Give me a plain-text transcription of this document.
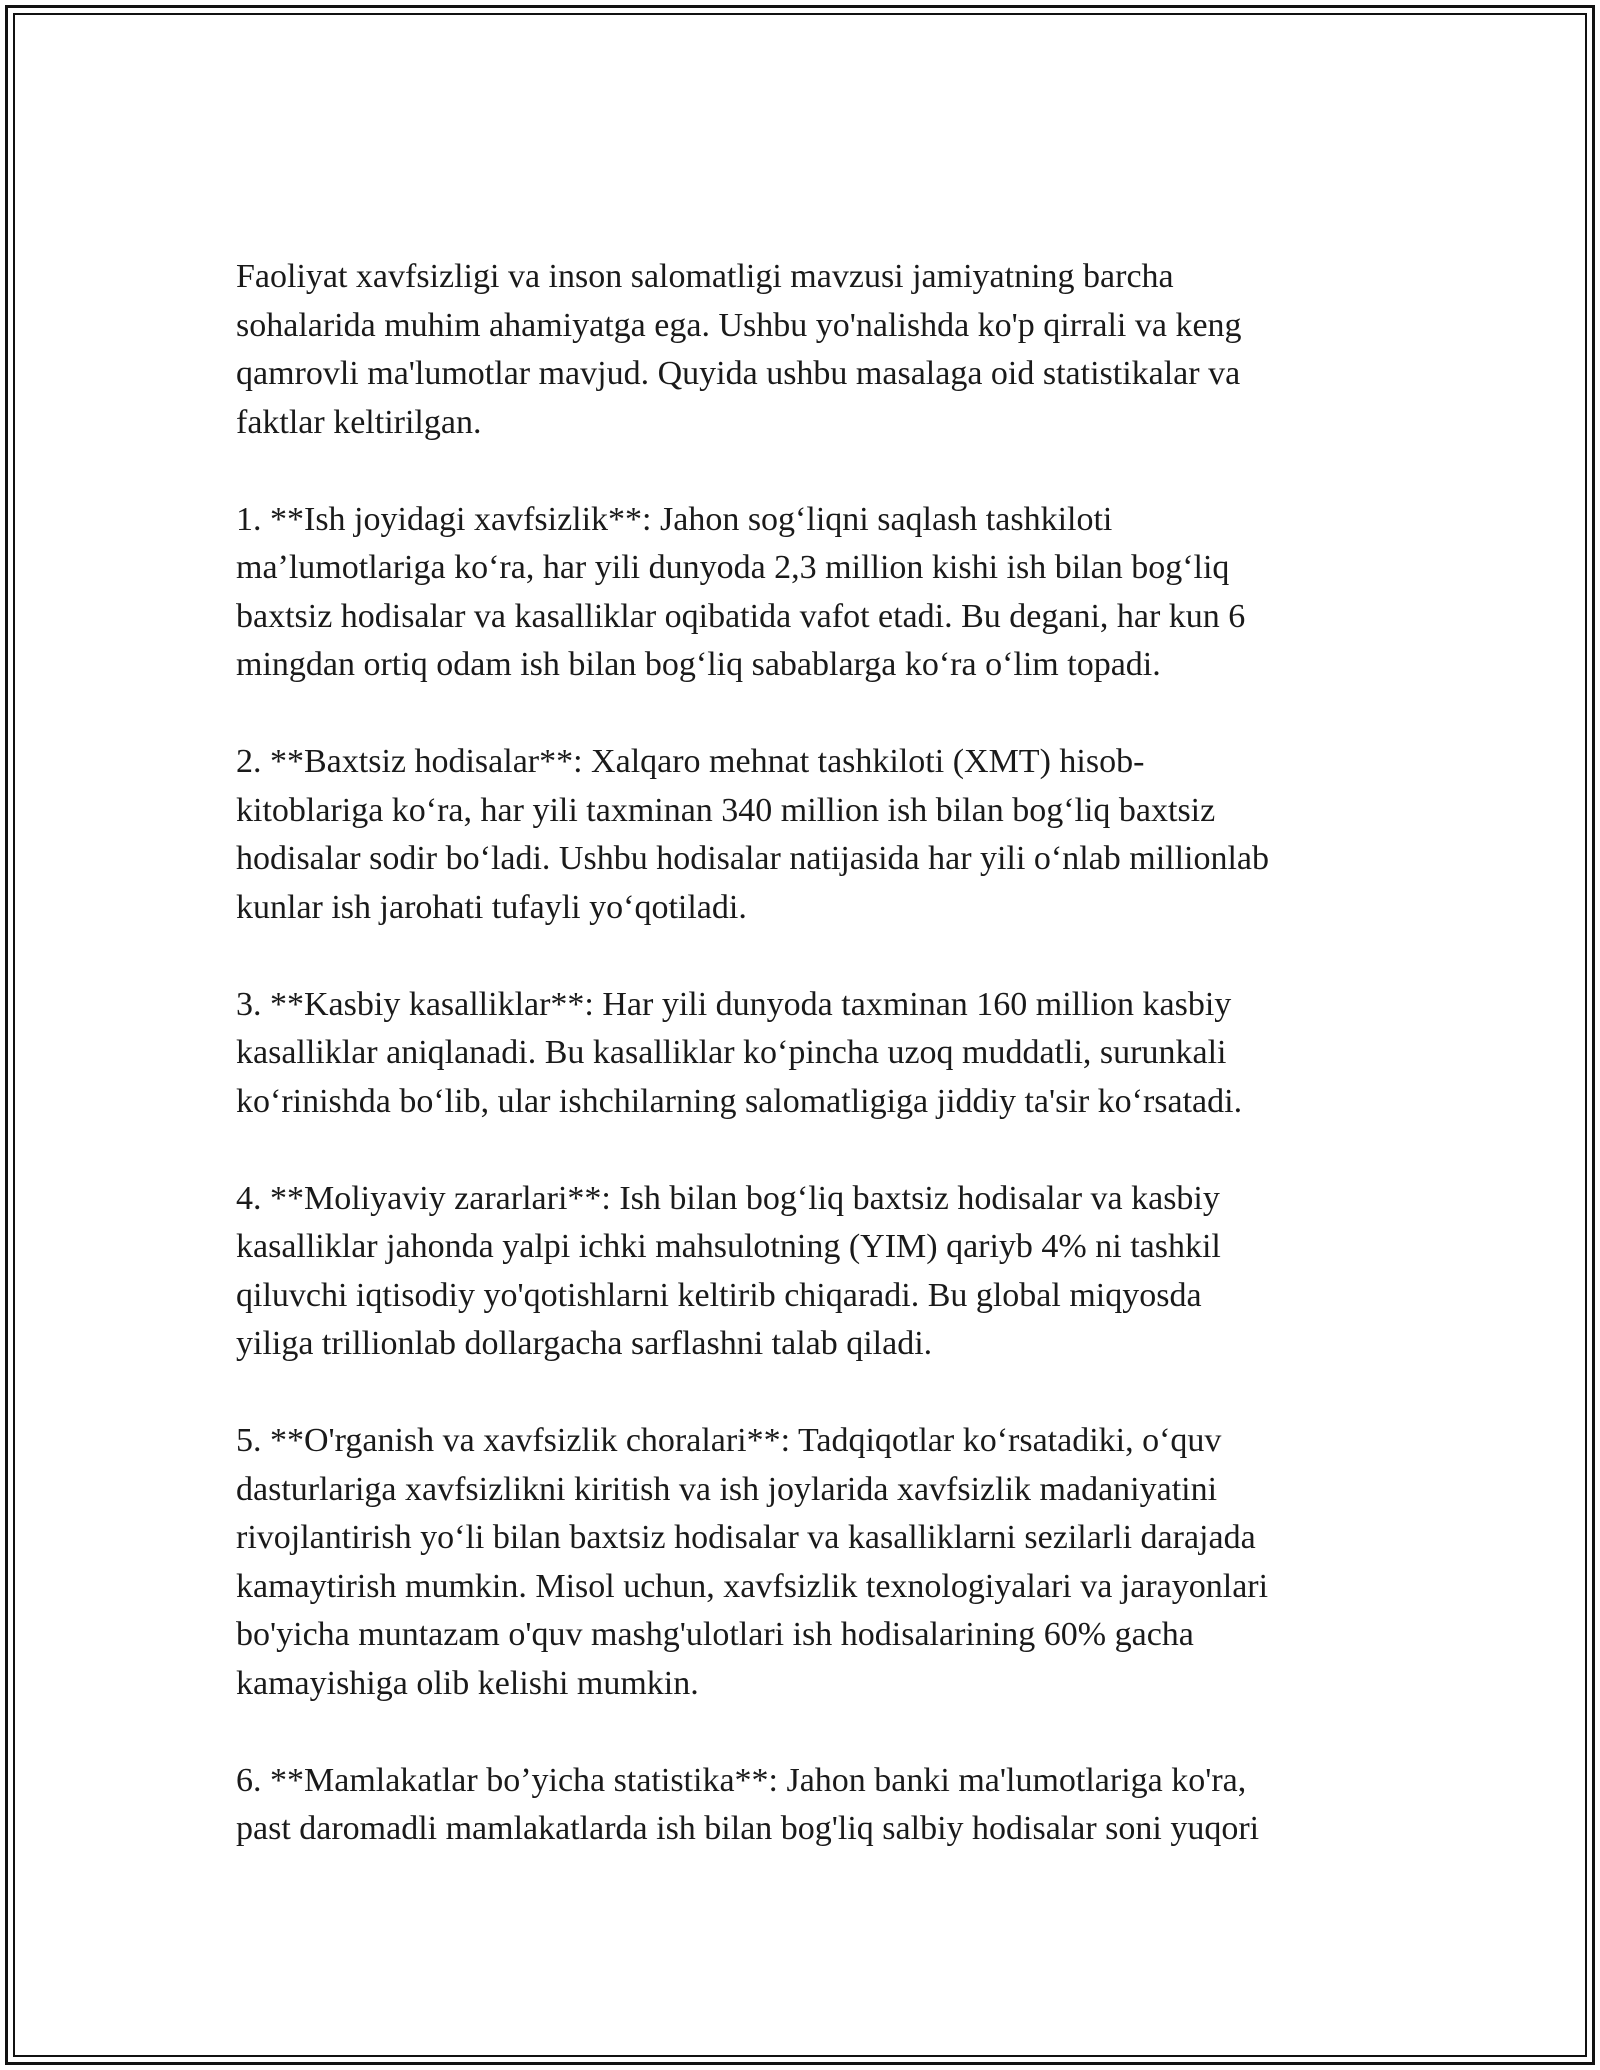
Faoliyat xavfsizligi va inson salomatligi mavzusi jamiyatning barcha
sohalarida muhim ahamiyatga ega. Ushbu yo'nalishda ko'p qirrali va keng
qamrovli ma'lumotlar mavjud. Quyida ushbu masalaga oid statistikalar va
faktlar keltirilgan.

1. **Ish joyidagi xavfsizlik**: Jahon sogʻliqni saqlash tashkiloti
maʼlumotlariga koʻra, har yili dunyoda 2,3 million kishi ish bilan bogʻliq
baxtsiz hodisalar va kasalliklar oqibatida vafot etadi. Bu degani, har kun 6
mingdan ortiq odam ish bilan bogʻliq sabablarga koʻra oʻlim topadi.

2. **Baxtsiz hodisalar**: Xalqaro mehnat tashkiloti (XMT) hisob-
kitoblariga koʻra, har yili taxminan 340 million ish bilan bogʻliq baxtsiz
hodisalar sodir boʻladi. Ushbu hodisalar natijasida har yili oʻnlab millionlab
kunlar ish jarohati tufayli yoʻqotiladi.

3. **Kasbiy kasalliklar**: Har yili dunyoda taxminan 160 million kasbiy
kasalliklar aniqlanadi. Bu kasalliklar koʻpincha uzoq muddatli, surunkali
koʻrinishda boʻlib, ular ishchilarning salomatligiga jiddiy ta'sir koʻrsatadi.

4. **Moliyaviy zararlari**: Ish bilan bogʻliq baxtsiz hodisalar va kasbiy
kasalliklar jahonda yalpi ichki mahsulotning (YIM) qariyb 4% ni tashkil
qiluvchi iqtisodiy yo'qotishlarni keltirib chiqaradi. Bu global miqyosda
yiliga trillionlab dollargacha sarflashni talab qiladi.

5. **O'rganish va xavfsizlik choralari**: Tadqiqotlar koʻrsatadiki, oʻquv
dasturlariga xavfsizlikni kiritish va ish joylarida xavfsizlik madaniyatini
rivojlantirish yoʻli bilan baxtsiz hodisalar va kasalliklarni sezilarli darajada
kamaytirish mumkin. Misol uchun, xavfsizlik texnologiyalari va jarayonlari
bo'yicha muntazam o'quv mashg'ulotlari ish hodisalarining 60% gacha
kamayishiga olib kelishi mumkin.

6. **Mamlakatlar boʼyicha statistika**: Jahon banki ma'lumotlariga ko'ra,
past daromadli mamlakatlarda ish bilan bog'liq salbiy hodisalar soni yuqori
